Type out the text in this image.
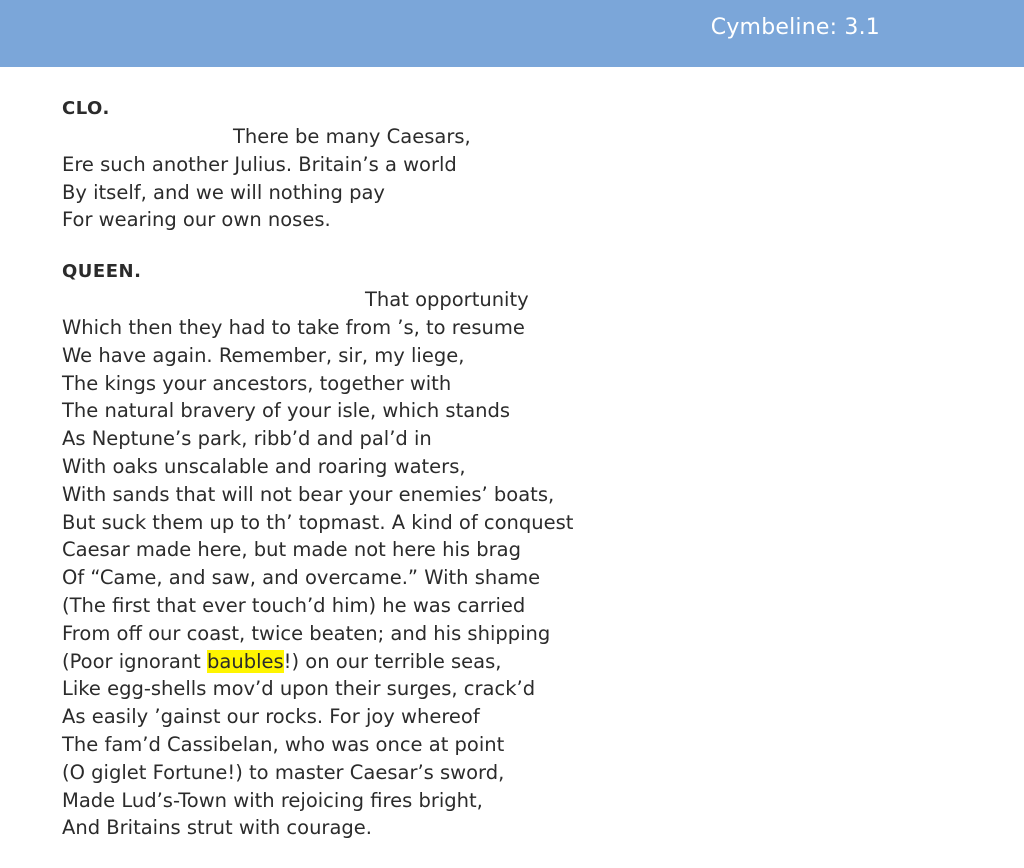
Cymbeline: 3.1
CLO.
There be many Caesars,
Ere such another Julius. Britain’s a world
By itself, and we will nothing pay
For wearing our own noses.
QUEEN.
That opportunity
Which then they had to take from ’s, to resume
We have again. Remember, sir, my liege,
The kings your ancestors, together with
The natural bravery of your isle, which stands
As Neptune’s park, ribb’d and pal’d in
With oaks unscalable and roaring waters,
With sands that will not bear your enemies’ boats,
But suck them up to th’ topmast. A kind of conquest
Caesar made here, but made not here his brag
Of “Came, and saw, and overcame.” With shame
(The first that ever touch’d him) he was carried
From off our coast, twice beaten; and his shipping
(Poor ignorant baubles!) on our terrible seas,
Like egg-shells mov’d upon their surges, crack’d
As easily ’gainst our rocks. For joy whereof
The fam’d Cassibelan, who was once at point
(O giglet Fortune!) to master Caesar’s sword,
Made Lud’s-Town with rejoicing fires bright,
And Britains strut with courage.
